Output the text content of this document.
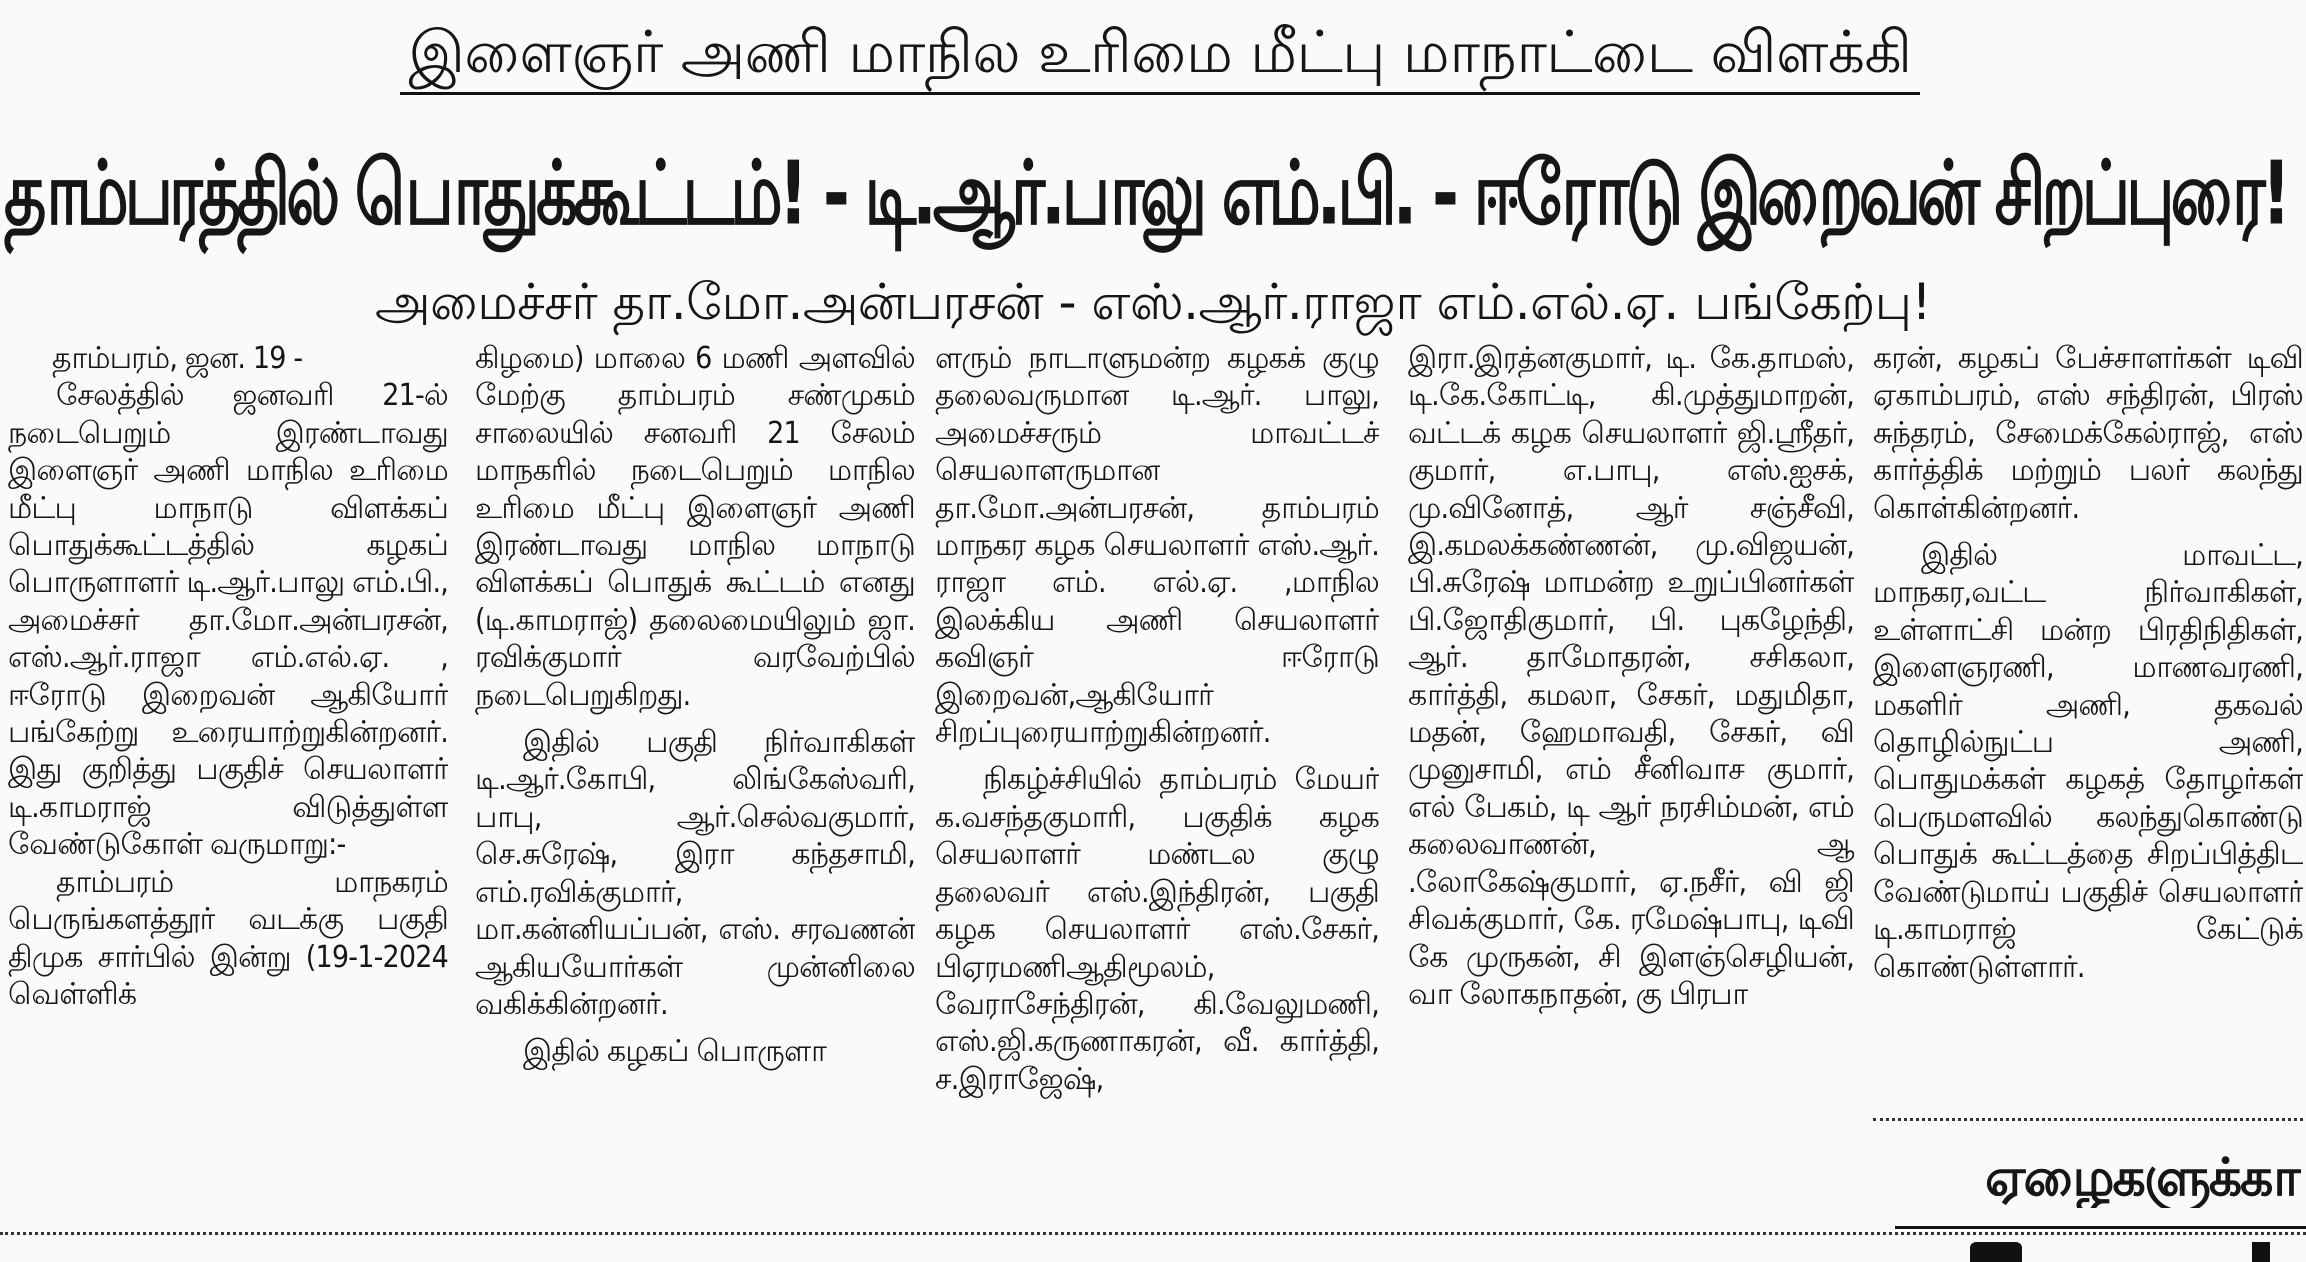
இளைஞர் அணி மாநில உரிமை மீட்பு மாநாட்டை விளக்கி
தாம்பரத்தில் பொதுக்கூட்டம்! - டி.ஆர்.பாலு எம்.பி. - ஈரோடு இறைவன் சிறப்புரை!
அமைச்சர் தா.மோ.அன்பரசன் - எஸ்.ஆர்.ராஜா எம்.எல்.ஏ. பங்கேற்பு!

தாம்பரம், ஜன. 19 -

சேலத்தில் ஜனவரி 21-ல் நடைபெறும் இரண்டாவது இளைஞர் அணி மாநில உரிமை மீட்பு மாநாடு விளக்கப் பொதுக்கூட்டத்தில் கழகப் பொருளாளர் டி.ஆர்.பாலு எம்.பி., அமைச்சர் தா.மோ.அன்பரசன், எஸ்.ஆர்.ராஜா எம்.எல்.ஏ. , ஈரோடு இறைவன் ஆகியோர் பங்கேற்று உரையாற்றுகின்றனர். இது குறித்து பகுதிச் செயலாளர் டி.காமராஜ் விடுத்துள்ள வேண்டுகோள் வருமாறு:-

தாம்பரம் மாநகரம் பெருங்களத்தூர் வடக்கு பகுதி திமுக சார்பில் இன்று (19-1-2024 வெள்ளிக்

கிழமை) மாலை 6 மணி அளவில் மேற்கு தாம்பரம் சண்முகம் சாலையில் சனவரி 21 சேலம் மாநகரில் நடைபெறும் மாநில உரிமை மீட்பு இளைஞர் அணி இரண்டாவது மாநில மாநாடு விளக்கப் பொதுக் கூட்டம் எனது (டி.காமராஜ்) தலைமையிலும் ஜா. ரவிக்குமார் வரவேற்பில் நடைபெறுகிறது.

இதில் பகுதி நிர்வாகிகள் டி.ஆர்.கோபி, லிங்கேஸ்வரி, பாபு, ஆர்.செல்வகுமார், செ.சுரேஷ், இரா கந்தசாமி, எம்.ரவிக்குமார், மா.கன்னியப்பன், எஸ். சரவணன் ஆகியயோர்கள் முன்னிலை வகிக்கின்றனர்.

இதில் கழகப் பொருளா

ளரும் நாடாளுமன்ற கழகக் குழு தலைவருமான டி.ஆர். பாலு, அமைச்சரும் மாவட்டச் செயலாளருமான தா.மோ.அன்பரசன், தாம்பரம் மாநகர கழக செயலாளர் எஸ்.ஆர். ராஜா எம். எல்.ஏ. ,மாநில இலக்கிய அணி செயலாளர் கவிஞர் ஈரோடு இறைவன்,ஆகியோர் சிறப்புரையாற்றுகின்றனர்.

நிகழ்ச்சியில் தாம்பரம் மேயர் க.வசந்தகுமாரி, பகுதிக் கழக செயலாளர் மண்டல குழு தலைவர் எஸ்.இந்திரன், பகுதி கழக செயலாளர் எஸ்.சேகர், பிஏரமணிஆதிமூலம், வேராசேந்திரன், கி.வேலுமணி, எஸ்.ஜி.கருணாகரன், வீ. கார்த்தி, ச.இராஜேஷ்,

இரா.இரத்னகுமார், டி. கே.தாமஸ், டி.கே.கோட்டி, கி.முத்துமாறன், வட்டக் கழக செயலாளர் ஜி.ஸ்ரீதர், குமார், எ.பாபு, எஸ்.ஐசக், மு.வினோத், ஆர் சஞ்சீவி, இ.கமலக்கண்ணன், மு.விஜயன், பி.சுரேஷ் மாமன்ற உறுப்பினர்கள் பி.ஜோதிகுமார், பி. புகழேந்தி, ஆர். தாமோதரன், சசிகலா, கார்த்தி, கமலா, சேகர், மதுமிதா, மதன், ஹேமாவதி, சேகர், வி முனுசாமி, எம் சீனிவாச குமார், எல் பேகம், டி ஆர் நரசிம்மன், எம் கலைவாணன், ஆ .லோகேஷ்குமார், ஏ.நசீர், வி ஜி சிவக்குமார், கே. ரமேஷ்பாபு, டிவி கே முருகன், சி இளஞ்செழியன், வா லோகநாதன், கு பிரபா

கரன், கழகப் பேச்சாளர்கள் டிவி ஏகாம்பரம், எஸ் சந்திரன், பிரஸ் சுந்தரம், சேமைக்கேல்ராஜ், எஸ் கார்த்திக் மற்றும் பலர் கலந்து கொள்கின்றனர்.

இதில் மாவட்ட, மாநகர,வட்ட நிர்வாகிகள், உள்ளாட்சி மன்ற பிரதிநிதிகள், இளைஞரணி, மாணவரணி, மகளிர் அணி, தகவல் தொழில்நுட்ப அணி, பொதுமக்கள் கழகத் தோழர்கள் பெருமளவில் கலந்துகொண்டு பொதுக் கூட்டத்தை சிறப்பித்திட வேண்டுமாய் பகுதிச் செயலாளர் டி.காமராஜ் கேட்டுக் கொண்டுள்ளார்.

ஏழைகளுக்கா
